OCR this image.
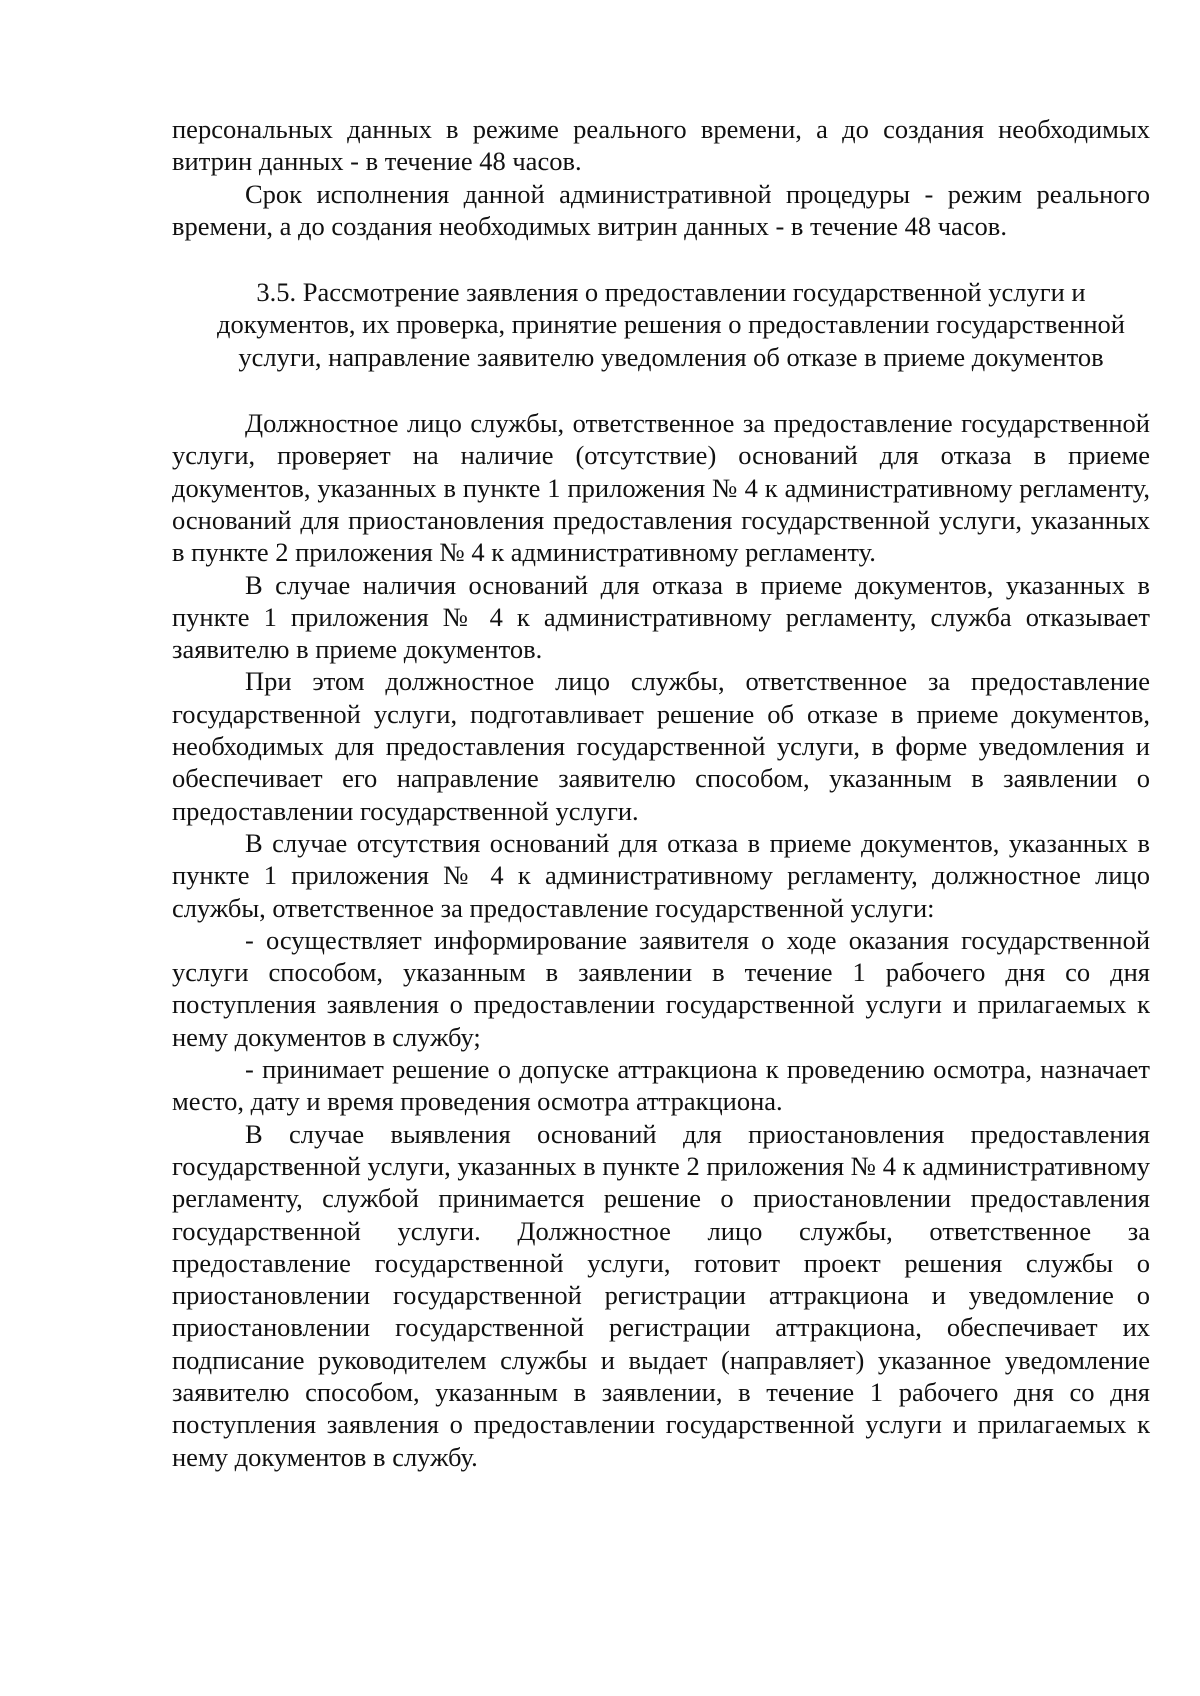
персональных данных в режиме реального времени, а до создания необходимых витрин данных - в течение 48 часов.

Срок исполнения данной административной процедуры - режим реального времени, а до создания необходимых витрин данных - в течение 48 часов.

3.5. Рассмотрение заявления о предоставлении государственной услуги и документов, их проверка, принятие решения о предоставлении государственной услуги, направление заявителю уведомления об отказе в приеме документов

Должностное лицо службы, ответственное за предоставление государственной услуги, проверяет на наличие (отсутствие) оснований для отказа в приеме документов, указанных в пункте 1 приложения № 4 к административному регламенту, оснований для приостановления предоставления государственной услуги, указанных в пункте 2 приложения № 4 к административному регламенту.

В случае наличия оснований для отказа в приеме документов, указанных в пункте 1 приложения № 4 к административному регламенту, служба отказывает заявителю в приеме документов.

При этом должностное лицо службы, ответственное за предоставление государственной услуги, подготавливает решение об отказе в приеме документов, необходимых для предоставления государственной услуги, в форме уведомления и обеспечивает его направление заявителю способом, указанным в заявлении о предоставлении государственной услуги.

В случае отсутствия оснований для отказа в приеме документов, указанных в пункте 1 приложения № 4 к административному регламенту, должностное лицо службы, ответственное за предоставление государственной услуги:

- осуществляет информирование заявителя о ходе оказания государственной услуги способом, указанным в заявлении в течение 1 рабочего дня со дня поступления заявления о предоставлении государственной услуги и прилагаемых к нему документов в службу;

- принимает решение о допуске аттракциона к проведению осмотра, назначает место, дату и время проведения осмотра аттракциона.

В случае выявления оснований для приостановления предоставления государственной услуги, указанных в пункте 2 приложения № 4 к административному регламенту, службой принимается решение о приостановлении предоставления государственной услуги. Должностное лицо службы, ответственное за предоставление государственной услуги, готовит проект решения службы о приостановлении государственной регистрации аттракциона и уведомление о приостановлении государственной регистрации аттракциона, обеспечивает их подписание руководителем службы и выдает (направляет) указанное уведомление заявителю способом, указанным в заявлении, в течение 1 рабочего дня со дня поступления заявления о предоставлении государственной услуги и прилагаемых к нему документов в службу.
